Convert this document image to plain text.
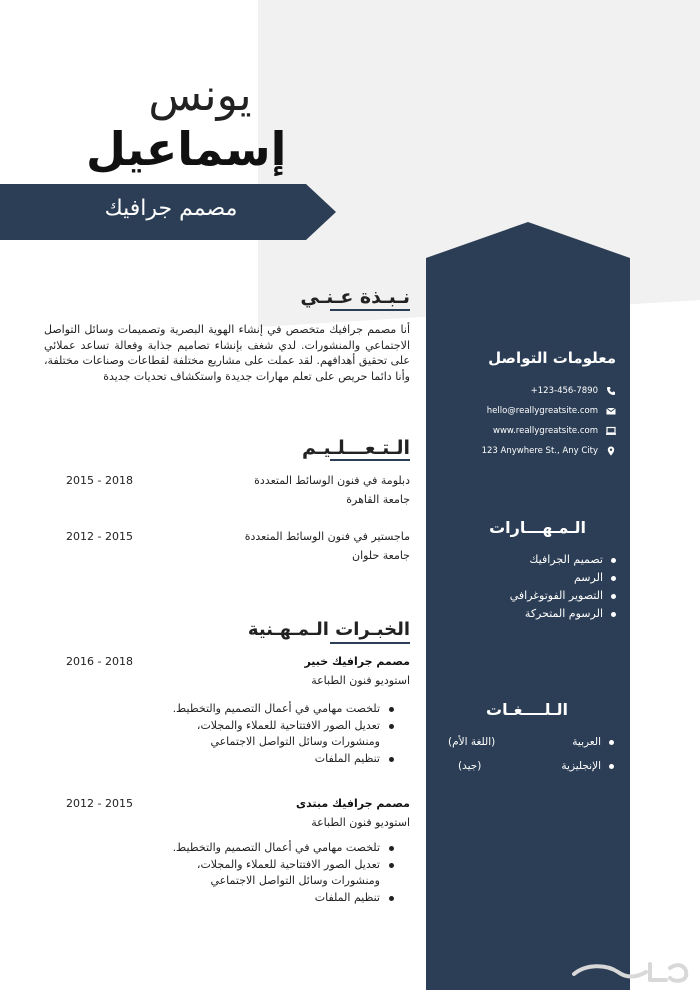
يونس
إسماعيل
مصمم جرافيك
نـبـذة عـنـي
أنا مصمم جرافيك متخصص في إنشاء الهوية البصرية وتصميمات وسائل التواصل الاجتماعي والمنشورات. لدي شغف بإنشاء تصاميم جذابة وفعالة تساعد عملائي على تحقيق أهدافهم. لقد عملت على مشاريع مختلفة لقطاعات وصناعات مختلفة، وأنا دائما حريص على تعلم مهارات جديدة واستكشاف تحديات جديدة
الـتـعـــلـيـم
دبلومة في فنون الوسائط المتعددة
جامعة القاهرة
2015 - 2018
ماجستير في فنون الوسائط المتعددة
جامعة حلوان
2012 - 2015
الخبـرات الـمـهـنية
مصمم جرافيك خبير
استوديو فنون الطباعة
2016 - 2018
تلخصت مهامي في أعمال التصميم والتخطيط.
تعديل الصور الافتتاحية للعملاء والمجلات، ومنشورات وسائل التواصل الاجتماعي
تنظيم الملفات
مصمم جرافيك مبتدى
استوديو فنون الطباعة
2012 - 2015
تلخصت مهامي في أعمال التصميم والتخطيط.
تعديل الصور الافتتاحية للعملاء والمجلات، ومنشورات وسائل التواصل الاجتماعي
تنظيم الملفات
معلومات التواصل
+123-456-7890
hello@reallygreatsite.com
www.reallygreatsite.com
123 Anywhere St., Any City
الـمـهـــارات
تصميم الجرافيك
الرسم
التصوير الفوتوغرافي
الرسوم المتحركة
الـلــــغـات
العربية
(اللغة الأم)
الإنجليزية
(جيد)
